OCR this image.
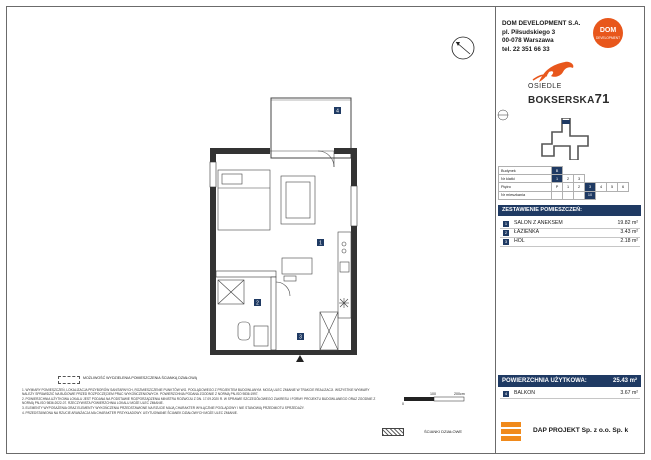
4
1
2
3
DOM DEVELOPMENT S.A.
pl. Piłsudskiego 3
00-078 Warszawa
tel. 22 351 66 33
DOM
DEVELOPMENT
OSIEDLE
BOKSERSKA71
Budynek	B						
Nr klatki	1	2	3				
Piętro	P	1	2	3	4	5	6
Nr mieszkania				10			
ZESTAWIENIE POMIESZCZEŃ:
1	SALON Z ANEKSEM	19.82 m²
2	ŁAZIENKA	3.43 m²
3	HOL	2.18 m²
POWIERZCHNIA UŻYTKOWA:	25.43 m²
4	BALKON	3.67 m²
DAP PROJEKT Sp. z o.o. Sp. k
MOŻLIWOŚĆ WYDZIELENIA POMIESZCZENIA ŚCIANKĄ DZIAŁOWĄ

1. WYMIARY POMIESZCZEŃ, LOKALIZACJA PRZYBORÓW SANITARNYCH, ROZMIESZCZENIE PUNKTÓW WG. POGLĄDOWEGO Z PROJEKTEM BUDOWLANYM. MOGĄ ULEC ZMIANIE W TRAKCIE REALIZACJI. WSZYSTKIE WYMIARY NALEŻY SPRAWDZIĆ NA BUDOWIE PRZED ROZPOCZĘCIEM PRAC WYKOŃCZENIOWYCH. POWIERZCHNIA PODANA ZGODNIE Z NORMĄ PN-ISO 9836:1997.

2. POWIERZCHNIA UŻYTKOWA LOKALU JEST PODANA NA PODSTAWIE ROZPORZĄDZENIA MINISTRA ROZWOJU Z DN. 17.09.2020 R. W SPRAWIE SZCZEGÓŁOWEGO ZAKRESU I FORMY PROJEKTU BUDOWLANEGO ORAZ ZGODNIE Z NORMĄ PN-ISO 9836:2022-07. RZECZYWISTA POWIERZCHNIA LOKALU MOŻE ULEC ZMIANIE.

3. ELEMENTY WYPOSAŻENIA ORAZ ELEMENTY WYKOŃCZENIA PRZEDSTAWIONE NA RZUCIE MAJĄ CHARAKTER WYŁĄCZNIE POGLĄDOWY I NIE STANOWIĄ PRZEDMIOTU SPRZEDAŻY.

4. PRZEDSTAWIONA NA RZUCIE ARANŻACJA MA CHARAKTER PRZYKŁADOWY. USYTUOWANIE ŚCIANEK DZIAŁOWYCH MOŻE ULEC ZMIANIE.

0
100	200cm
ŚCIANKI DZIAŁOWE
